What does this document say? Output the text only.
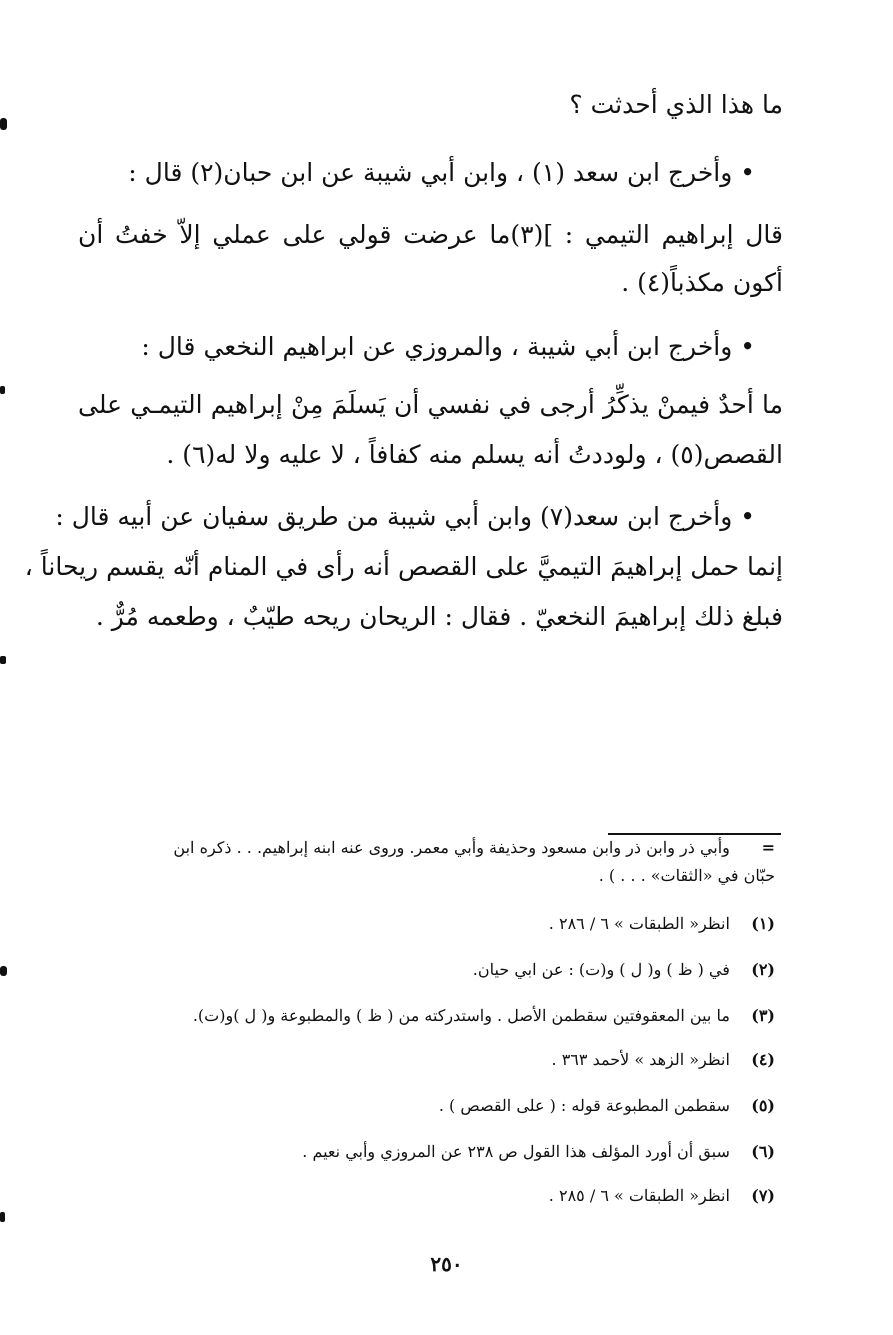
ما هذا الذي أحدثت ؟
• وأخرج ابن سعد (١) ، وابن أبي شيبة عن ابن حبان(٢) قال :
قال إبراهيم التيمي : ](٣)ما عرضت قولي على عملي إلاّ خفتُ أن
أكون مكذباً(٤) .
• وأخرج ابن أبي شيبة ، والمروزي عن ابراهيم النخعي قال :
ما أحدٌ فيمنْ يذكِّرُ أرجى في نفسي أن يَسلَمَ مِنْ إبراهيم التيمـي على
القصص(٥) ، ولوددتُ أنه يسلم منه كفافاً ، لا عليه ولا له(٦) .
• وأخرج ابن سعد(٧) وابن أبي شيبة من طريق سفيان عن أبيه قال :
إنما حمل إبراهيمَ التيميَّ على القصص أنه رأى في المنام أنّه يقسم ريحاناً ،
فبلغ ذلك إبراهيمَ النخعيّ . فقال : الريحان ريحه طيّبٌ ، وطعمه مُرٌّ .
= وأبي ذر وابن ذر وابن مسعود وحذيفة وأبي معمر. وروى عنه ابنه إبراهيم. . . ذكره ابن
حبّان في «الثقات» . . . ) .
(١) انظر« الطبقات » ٦ / ٢٨٦ .
(٢) في ( ظ ) و( ل ) و(ت) : عن ابي حيان.
(٣) ما بين المعقوفتين سقطمن الأصل . واستدركته من ( ظ ) والمطبوعة و( ل )و(ت).
(٤) انظر« الزهد » لأحمد ٣٦٣ .
(٥) سقطمن المطبوعة قوله : ( على القصص ) .
(٦) سبق أن أورد المؤلف هذا القول ص ٢٣٨ عن المروزي وأبي نعيم .
(٧) انظر« الطبقات » ٦ / ٢٨٥ .
٢٥٠
